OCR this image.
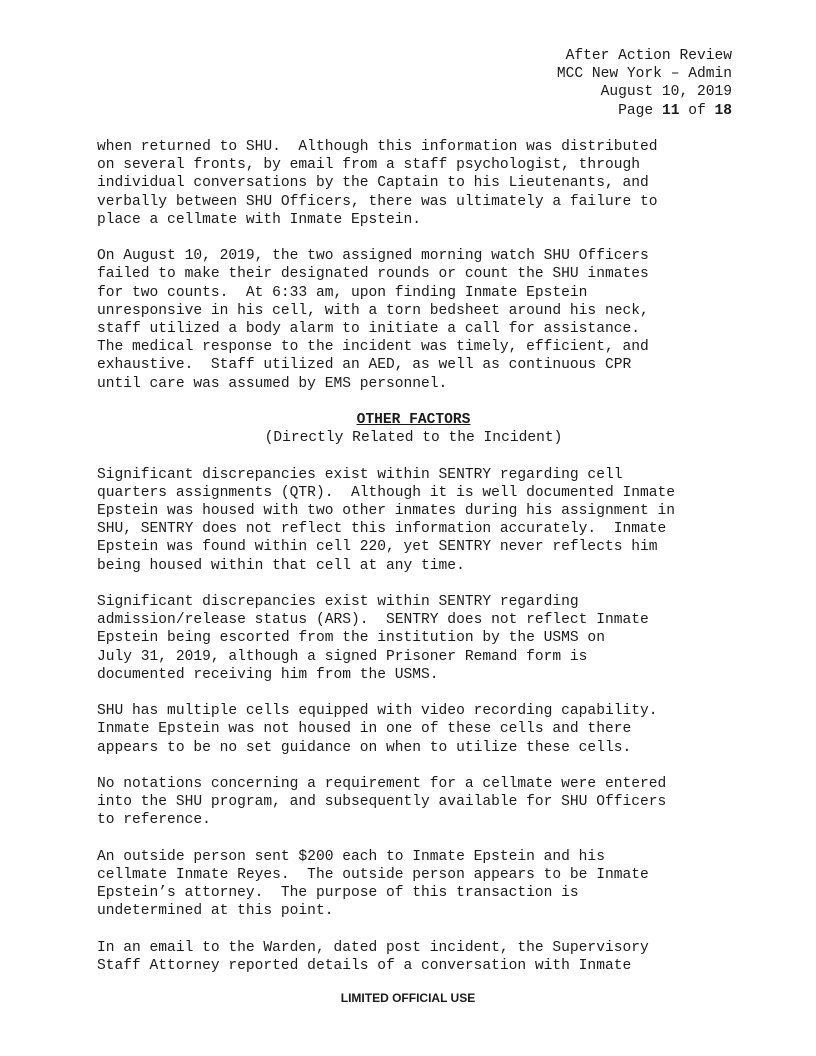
After Action Review
MCC New York – Admin
August 10, 2019
Page 11 of 18

when returned to SHU.  Although this information was distributed
on several fronts, by email from a staff psychologist, through
individual conversations by the Captain to his Lieutenants, and
verbally between SHU Officers, there was ultimately a failure to
place a cellmate with Inmate Epstein.

On August 10, 2019, the two assigned morning watch SHU Officers
failed to make their designated rounds or count the SHU inmates
for two counts.  At 6:33 am, upon finding Inmate Epstein
unresponsive in his cell, with a torn bedsheet around his neck,
staff utilized a body alarm to initiate a call for assistance.
The medical response to the incident was timely, efficient, and
exhaustive.  Staff utilized an AED, as well as continuous CPR
until care was assumed by EMS personnel.

OTHER FACTORS

(Directly Related to the Incident)

Significant discrepancies exist within SENTRY regarding cell
quarters assignments (QTR).  Although it is well documented Inmate
Epstein was housed with two other inmates during his assignment in
SHU, SENTRY does not reflect this information accurately.  Inmate
Epstein was found within cell 220, yet SENTRY never reflects him
being housed within that cell at any time.

Significant discrepancies exist within SENTRY regarding
admission/release status (ARS).  SENTRY does not reflect Inmate
Epstein being escorted from the institution by the USMS on
July 31, 2019, although a signed Prisoner Remand form is
documented receiving him from the USMS.

SHU has multiple cells equipped with video recording capability.
Inmate Epstein was not housed in one of these cells and there
appears to be no set guidance on when to utilize these cells.

No notations concerning a requirement for a cellmate were entered
into the SHU program, and subsequently available for SHU Officers
to reference.

An outside person sent $200 each to Inmate Epstein and his
cellmate Inmate Reyes.  The outside person appears to be Inmate
Epstein’s attorney.  The purpose of this transaction is
undetermined at this point.

In an email to the Warden, dated post incident, the Supervisory
Staff Attorney reported details of a conversation with Inmate

LIMITED OFFICIAL USE
